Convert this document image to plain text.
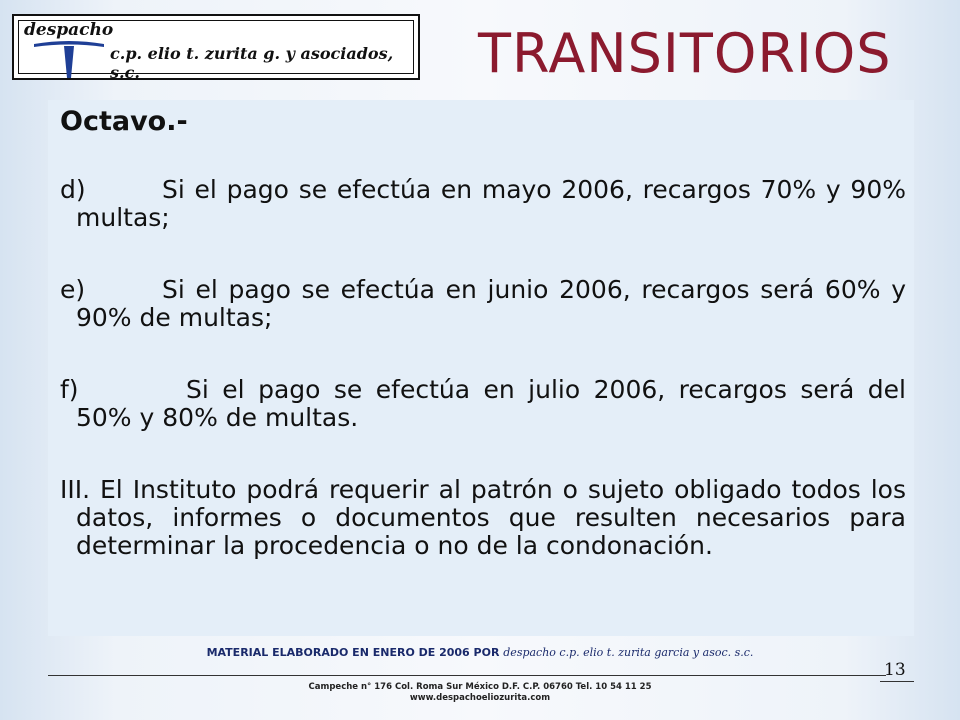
despacho
c.p. elio t. zurita g. y asociados, s.c.	TRANSITORIOS
Octavo.-
d)	Si el pago se efectúa en mayo 2006, recargos 70% y 90% multas;
e)	Si el pago se efectúa en junio 2006, recargos será 60% y 90% de multas;
f)	Si el pago se efectúa en julio 2006, recargos será del 50% y 80% de multas.

III. El Instituto podrá requerir al patrón o sujeto obligado todos los datos, informes o documentos que resulten necesarios para determinar la procedencia o no de la condonación.

MATERIAL ELABORADO EN ENERO DE 2006 POR despacho c.p. elio t. zurita garcia y asoc. s.c.
13
Campeche n° 176 Col. Roma Sur México D.F. C.P. 06760 Tel. 10 54 11 25
www.despachoeliozurita.com
